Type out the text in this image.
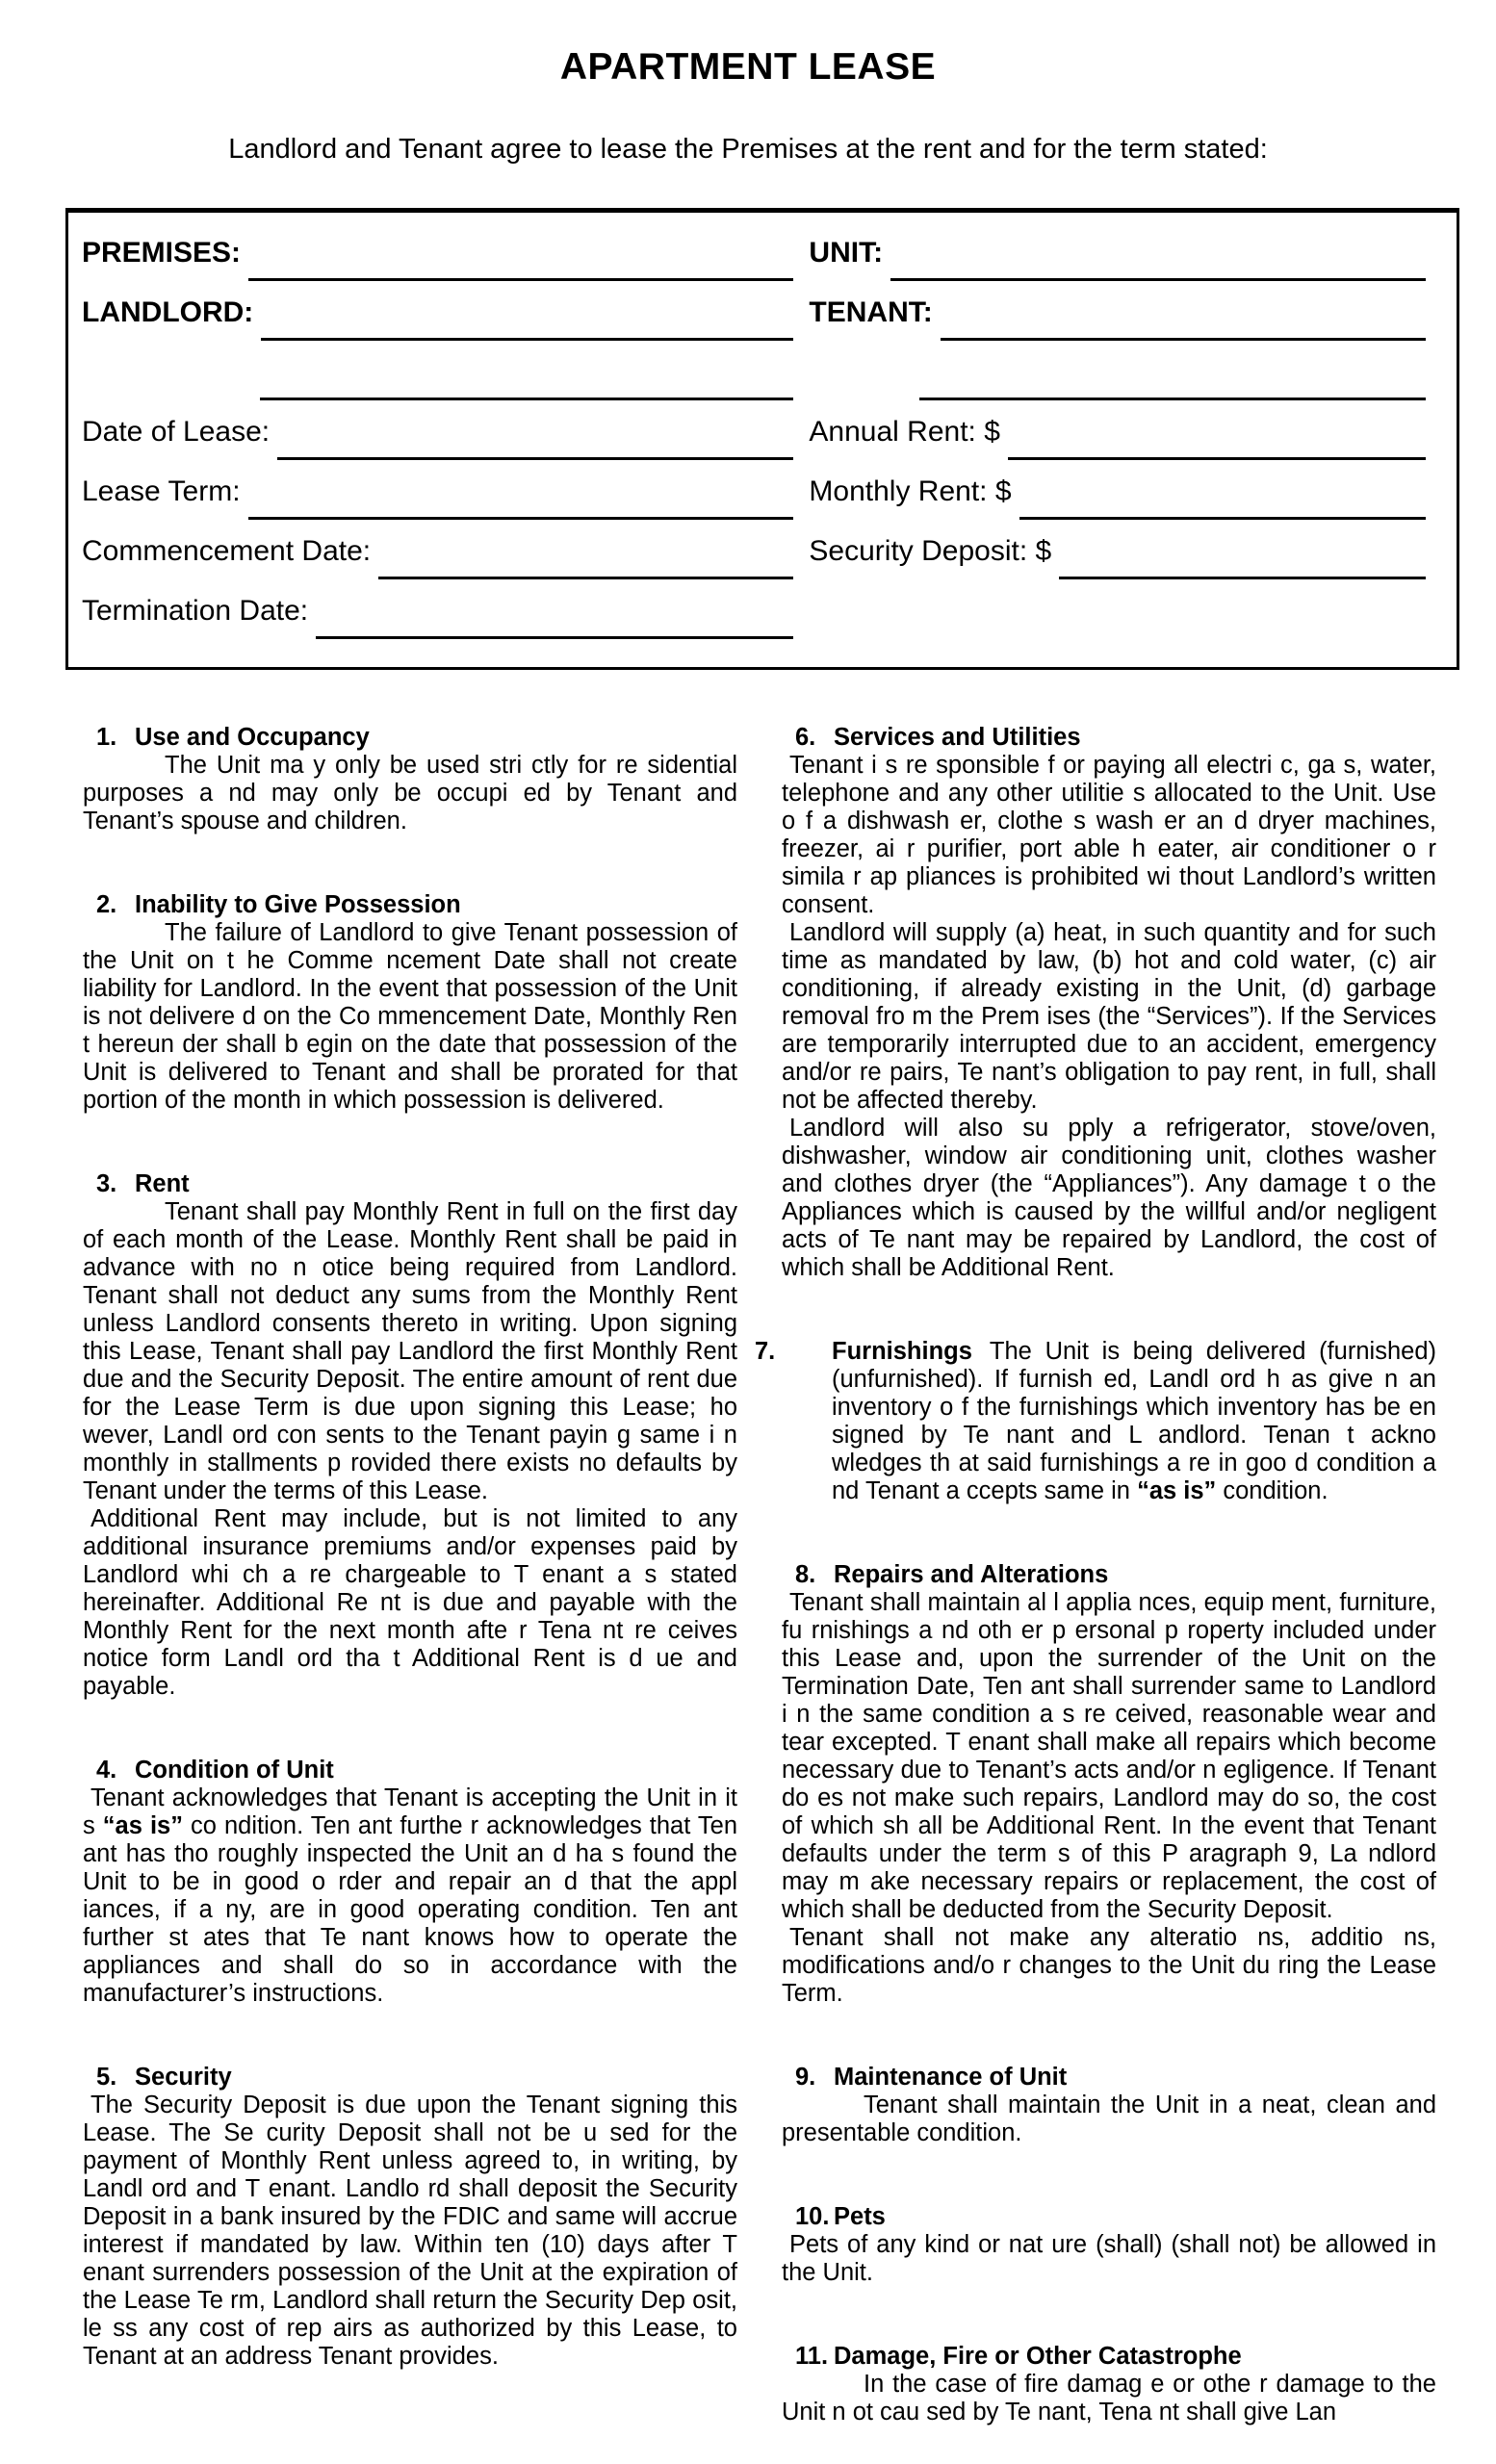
APARTMENT LEASE

Landlord and Tenant agree to lease the Premises at the rent and for the term stated:

PREMISES:	UNIT:
LANDLORD:	TENANT:
Date of Lease:	Annual Rent: $
Lease Term:	Monthly Rent: $
Commencement Date:	Security Deposit: $
Termination Date:
1. Use and Occupancy

The Unit ma y only be used stri ctly for re sidential purposes a nd may only be occupi ed by Tenant and Tenant’s spouse and children.

2. Inability to Give Possession

The failure of Landlord to give Tenant possession of the Unit on t he Comme ncement Date shall not create liability for Landlord. In the event that possession of the Unit is not delivere d on the Co mmencement Date, Monthly Ren t hereun der shall b egin on the date that possession of the Unit is delivered to Tenant and shall be prorated for that portion of the month in which possession is delivered.

3. Rent

Tenant shall pay Monthly Rent in full on the first day of each month of the Lease. Monthly Rent shall be paid in advance with no n otice being required from Landlord. Tenant shall not deduct any sums from the Monthly Rent unless Landlord consents thereto in writing. Upon signing this Lease, Tenant shall pay Landlord the first Monthly Rent due and the Security Deposit. The entire amount of rent due for the Lease Term is due upon signing this Lease; ho wever, Landl ord con sents to the Tenant payin g same i n monthly in stallments p rovided there exists no defaults by Tenant under the terms of this Lease.

Additional Rent may include, but is not limited to any additional insurance premiums and/or expenses paid by Landlord whi ch a re chargeable to T enant a s stated hereinafter. Additional Re nt is due and payable with the Monthly Rent for the next month afte r Tena nt re ceives notice form Landl ord tha t Additional Rent is d ue and payable.

4. Condition of Unit

Tenant acknowledges that Tenant is accepting the Unit in it s “as is” co ndition. Ten ant furthe r acknowledges that Ten ant has tho roughly inspected the Unit an d ha s found the Unit to be in good o rder and repair an d that the appl iances, if a ny, are in good operating condition. Ten ant further st ates that Te nant knows how to operate the appliances and shall do so in accordance with the manufacturer’s instructions.

5. Security

The Security Deposit is due upon the Tenant signing this Lease. The Se curity Deposit shall not be u sed for the payment of Monthly Rent unless agreed to, in writing, by Landl ord and T enant. Landlo rd shall deposit the Security Deposit in a bank insured by the FDIC and same will accrue interest if mandated by law. Within ten (10) days after T enant surrenders possession of the Unit at the expiration of the Lease Te rm, Landlord shall return the Security Dep osit, le ss any cost of rep airs as authorized by this Lease, to Tenant at an address Tenant provides.

6. Services and Utilities

Tenant i s re sponsible f or paying all electri c, ga s, water, telephone and any other utilitie s allocated to the Unit. Use o f a dishwash er, clothe s wash er an d dryer machines, freezer, ai r purifier, port able h eater, air conditioner o r simila r ap pliances is prohibited wi thout Landlord’s written consent.

Landlord will supply (a) heat, in such quantity and for such time as mandated by law, (b) hot and cold water, (c) air conditioning, if already existing in the Unit, (d) garbage removal fro m the Prem ises (the “Services”). If the Services are temporarily interrupted due to an accident, emergency and/or re pairs, Te nant’s obligation to pay rent, in full, shall not be affected thereby.

Landlord will also su pply a refrigerator, stove/oven, dishwasher, window air conditioning unit, clothes washer and clothes dryer (the “Appliances”). Any damage t o the Appliances which is caused by the willful and/or negligent acts of Te nant may be repaired by Landlord, the cost of which shall be Additional Rent.

7. Furnishings The Unit is being delivered (furnished) (unfurnished). If furnish ed, Landl ord h as give n an inventory o f the furnishings which inventory has be en signed by Te nant and L andlord. Tenan t ackno wledges th at said furnishings a re in goo d condition a nd Tenant a ccepts same in “as is” condition.

8. Repairs and Alterations

Tenant shall maintain al l applia nces, equip ment, furniture, fu rnishings a nd oth er p ersonal p roperty included under this Lease and, upon the surrender of the Unit on the Termination Date, Ten ant shall surrender same to Landlord i n the same condition a s re ceived, reasonable wear and tear excepted. T enant shall make all repairs which become necessary due to Tenant’s acts and/or n egligence. If Tenant do es not make such repairs, Landlord may do so, the cost of which sh all be Additional Rent. In the event that Tenant defaults under the term s of this P aragraph 9, La ndlord may m ake necessary repairs or replacement, the cost of which shall be deducted from the Security Deposit.

Tenant shall not make any alteratio ns, additio ns, modifications and/o r changes to the Unit du ring the Lease Term.

9. Maintenance of Unit

Tenant shall maintain the Unit in a neat, clean and presentable condition.

10. Pets

Pets of any kind or nat ure (shall) (shall not) be allowed in the Unit.

11. Damage, Fire or Other Catastrophe

In the case of fire damag e or othe r damage to the Unit n ot cau sed by Te nant, Tena nt shall give Lan
